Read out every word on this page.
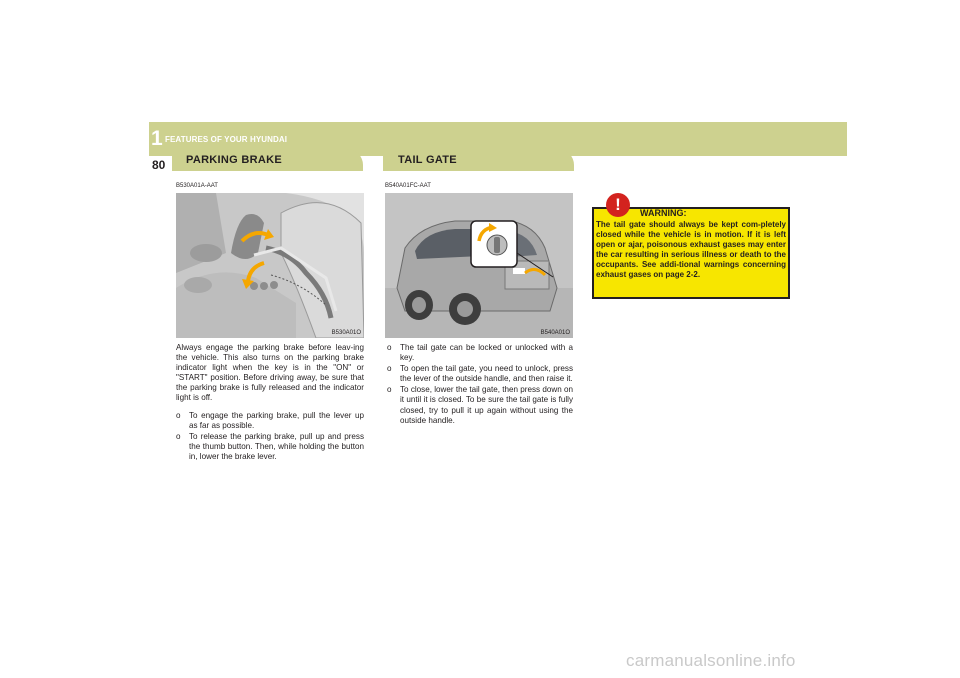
1 FEATURES OF YOUR HYUNDAI
80 PARKING BRAKE
B530A01A-AAT
B530A01O
Always engage the parking brake before leav-ing the vehicle. This also turns on the parking brake indicator light when the key is in the "ON" or "START" position. Before driving away, be sure that the parking brake is fully released and the indicator light is off.
o To engage the parking brake, pull the lever up as far as possible.
o To release the parking brake, pull up and press the thumb button. Then, while holding the button in, lower the brake lever.
TAIL GATE
B540A01FC-AAT
B540A01O
o The tail gate can be locked or unlocked with a key.
o To open the tail gate, you need to unlock, press the lever of the outside handle, and then raise it.
o To close, lower the tail gate, then press down on it until it is closed. To be sure the tail gate is fully closed, try to pull it up again without using the outside handle.
!	WARNING:
The tail gate should always be kept com-pletely closed while the vehicle is in motion. If it is left open or ajar, poisonous exhaust gases may enter the car resulting in serious illness or death to the occupants. See addi-tional warnings concerning exhaust gases on page 2-2.
carmanualsonline.info
